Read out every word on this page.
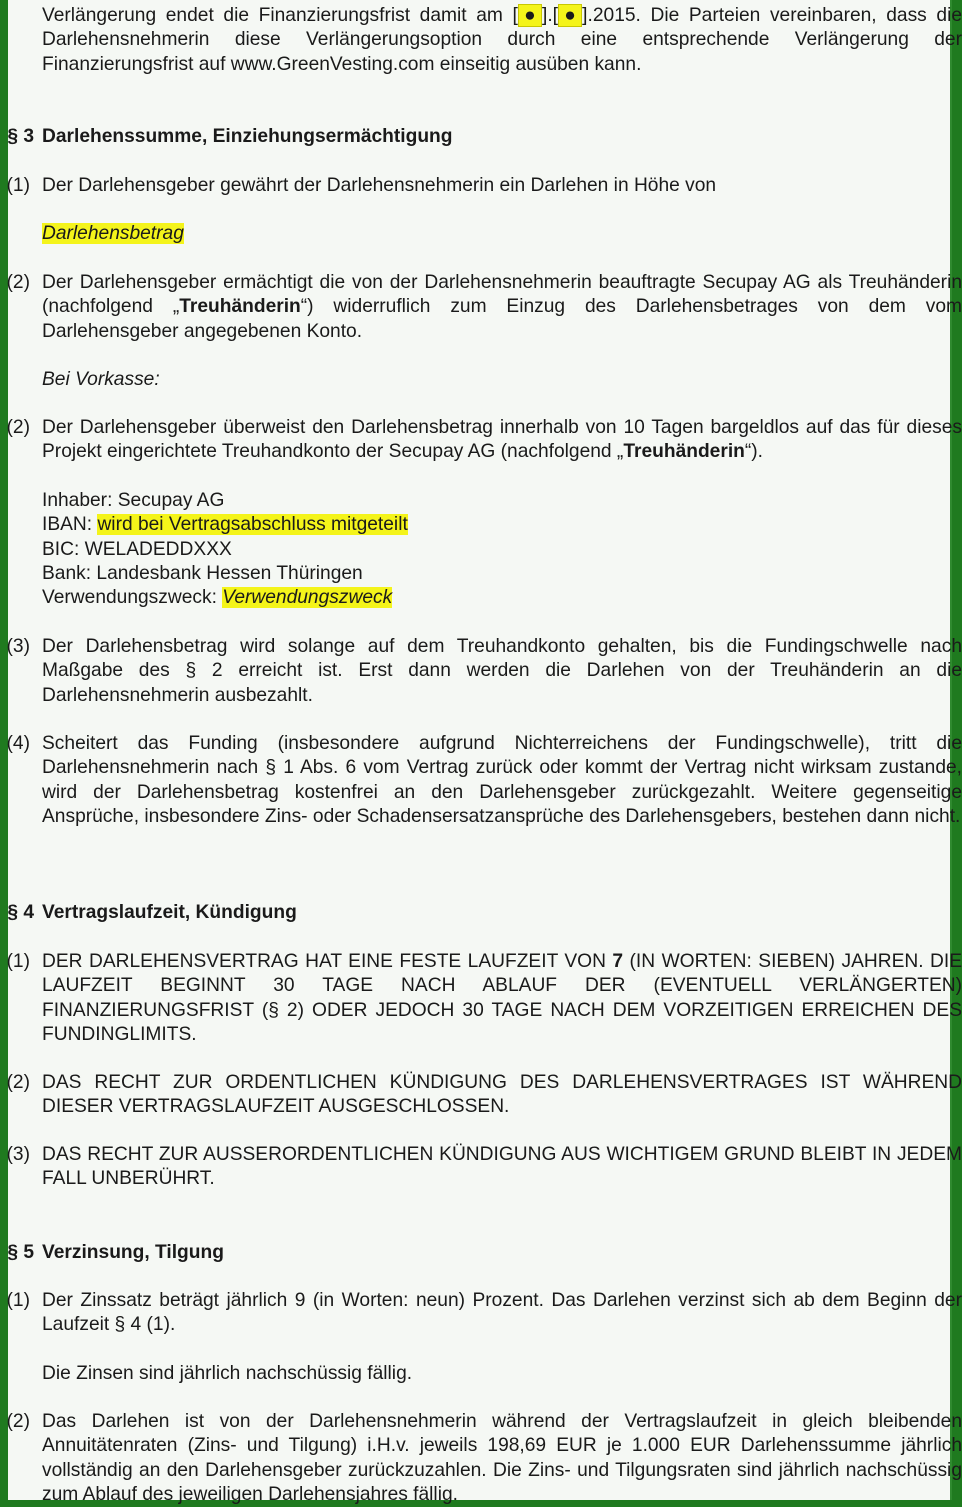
Verlängerung endet die Finanzierungsfrist damit am [ ● ].[ ● ].2015. Die Parteien vereinbaren, dass die Darlehensnehmerin diese Verlängerungsoption durch eine entsprechende Verlängerung der Finanzierungsfrist auf www.GreenVesting.com einseitig ausüben kann.
§ 3 Darlehenssumme, Einziehungsermächtigung
(1) Der Darlehensgeber gewährt der Darlehensnehmerin ein Darlehen in Höhe von
Darlehensbetrag
(2) Der Darlehensgeber ermächtigt die von der Darlehensnehmerin beauftragte Secupay AG als Treuhänderin (nachfolgend „Treuhänderin“) widerruflich zum Einzug des Darlehensbetrages von dem vom Darlehensgeber angegebenen Konto.
Bei Vorkasse:
(2) Der Darlehensgeber überweist den Darlehensbetrag innerhalb von 10 Tagen bargeldlos auf das für dieses Projekt eingerichtete Treuhandkonto der Secupay AG (nachfolgend „Treuhänderin“).
Inhaber: Secupay AG
IBAN: wird bei Vertragsabschluss mitgeteilt
BIC: WELADEDDXXX
Bank: Landesbank Hessen Thüringen
Verwendungszweck: Verwendungszweck
(3) Der Darlehensbetrag wird solange auf dem Treuhandkonto gehalten, bis die Fundingschwelle nach Maßgabe des § 2 erreicht ist. Erst dann werden die Darlehen von der Treuhänderin an die Darlehensnehmerin ausbezahlt.
(4) Scheitert das Funding (insbesondere aufgrund Nichterreichens der Fundingschwelle), tritt die Darlehensnehmerin nach § 1 Abs. 6 vom Vertrag zurück oder kommt der Vertrag nicht wirksam zustande, wird der Darlehensbetrag kostenfrei an den Darlehensgeber zurückgezahlt. Weitere gegenseitige Ansprüche, insbesondere Zins- oder Schadensersatzansprüche des Darlehensgebers, bestehen dann nicht.
§ 4 Vertragslaufzeit, Kündigung
(1) DER DARLEHENSVERTRAG HAT EINE FESTE LAUFZEIT VON 7 (IN WORTEN: SIEBEN) JAHREN. DIE LAUFZEIT BEGINNT 30 TAGE NACH ABLAUF DER (EVENTUELL VERLÄNGERTEN) FINANZIERUNGSFRIST (§ 2) ODER JEDOCH 30 TAGE NACH DEM VORZEITIGEN ERREICHEN DES FUNDINGLIMITS.
(2) DAS RECHT ZUR ORDENTLICHEN KÜNDIGUNG DES DARLEHENSVERTRAGES IST WÄHREND DIESER VERTRAGSLAUFZEIT AUSGESCHLOSSEN.
(3) DAS RECHT ZUR AUSSERORDENTLICHEN KÜNDIGUNG AUS WICHTIGEM GRUND BLEIBT IN JEDEM FALL UNBERÜHRT.
§ 5 Verzinsung, Tilgung
(1) Der Zinssatz beträgt jährlich 9 (in Worten: neun) Prozent. Das Darlehen verzinst sich ab dem Beginn der Laufzeit § 4 (1).
Die Zinsen sind jährlich nachschüssig fällig.
(2) Das Darlehen ist von der Darlehensnehmerin während der Vertragslaufzeit in gleich bleibenden Annuitätenraten (Zins- und Tilgung) i.H.v. jeweils 198,69 EUR je 1.000 EUR Darlehenssumme jährlich vollständig an den Darlehensgeber zurückzuzahlen. Die Zins- und Tilgungsraten sind jährlich nachschüssig zum Ablauf des jeweiligen Darlehensjahres fällig.
